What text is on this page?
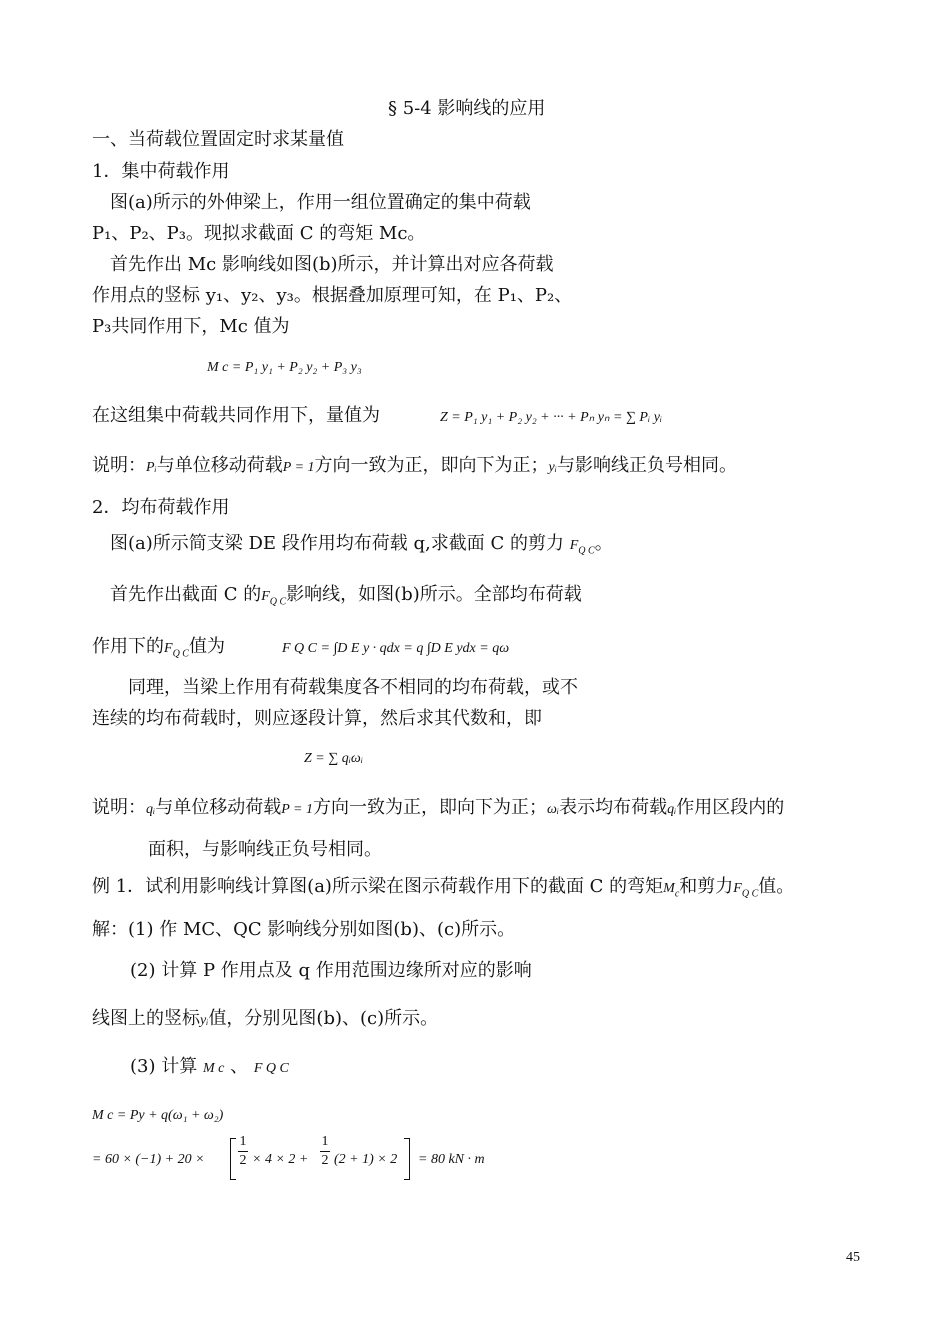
§ 5-4 影响线的应用
一、当荷载位置固定时求某量值
1．集中荷载作用
图(a)所示的外伸梁上，作用一组位置确定的集中荷载
P₁、P₂、P₃。现拟求截面 C 的弯矩 Mc。
首先作出 Mc 影响线如图(b)所示，并计算出对应各荷载
作用点的竖标 y₁、y₂、y₃。根据叠加原理可知，在 P₁、P₂、
P₃共同作用下，Mc 值为
M c = P₁ y₁ + P₂ y₂ + P₃ y₃
在这组集中荷载共同作用下，量值为	Z = P₁ y₁ + P₂ y₂ + ··· + Pₙ yₙ = ∑ Pᵢ yᵢ
说明：Pᵢ与单位移动荷载P = 1方向一致为正，即向下为正；yᵢ与影响线正负号相同。
2．均布荷载作用
图(a)所示简支梁 DE 段作用均布荷载 q,求截面 C 的剪力 $F_{Q C}$。
首先作出截面 C 的$F_{Q C}$影响线，如图(b)所示。全部均布荷载
作用下的$F_{Q C}$值为	F Q C = ∫D E y · qdx = q ∫D E ydx = qω
同理，当梁上作用有荷载集度各不相同的均布荷载，或不
连续的均布荷载时，则应逐段计算，然后求其代数和，即
Z = ∑ qᵢωᵢ
说明：qᵢ与单位移动荷载P = 1方向一致为正，即向下为正；ωᵢ表示均布荷载qᵢ作用区段内的
面积，与影响线正负号相同。
例 1．试利用影响线计算图(a)所示梁在图示荷载作用下的截面 C 的弯矩$M_c$和剪力$F_{Q C}$值。
解：(1) 作 MC、QC 影响线分别如图(b)、(c)所示。
(2) 计算 P 作用点及 q 作用范围边缘所对应的影响
线图上的竖标yᵢ值，分别见图(b)、(c)所示。
(3) 计算 M c 、 F Q C
M c = Py + q(ω₁ + ω₂)
= 60 × (−1) + 20 ×
1
2 × 4 × 2 +
1
2 (2 + 1) × 2 = 80 kN · m
45
